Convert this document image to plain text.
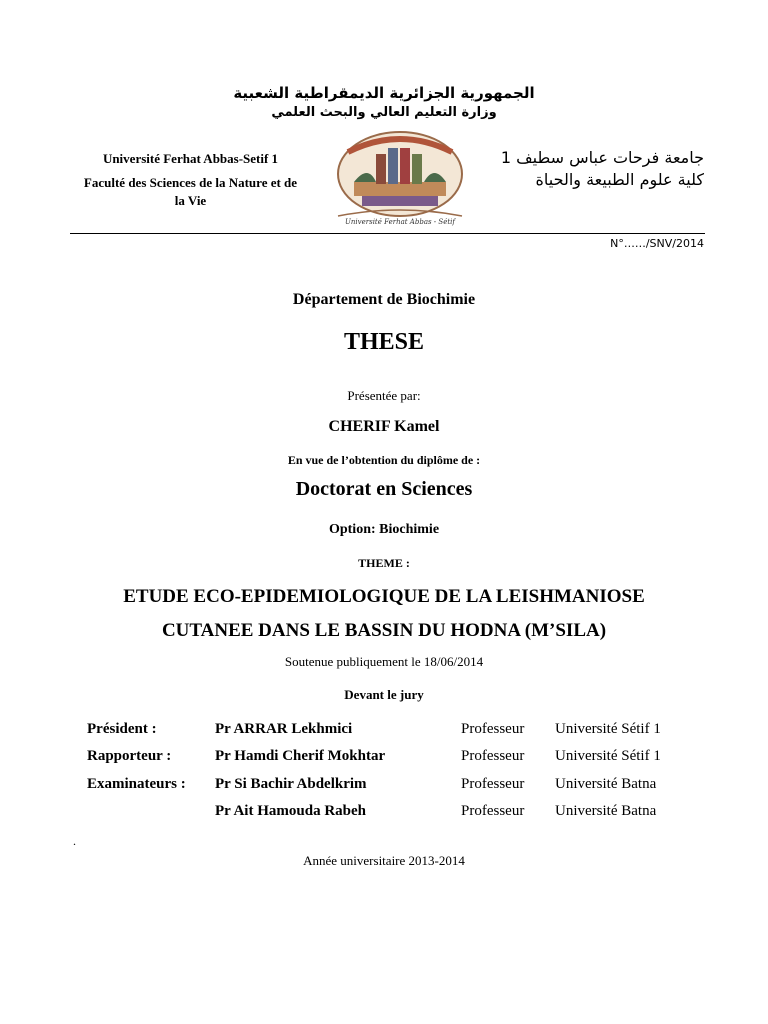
الجمهورية الجزائرية الديمقراطية الشعبية
وزارة التعليم العالي والبحث العلمي
Université Ferhat Abbas-Setif 1
Faculté des Sciences de la Nature et de la Vie
جامعة فرحات عباس سطيف 1
كلية علوم الطبيعة والحياة
Université Ferhat Abbas - Sétif
N°……/SNV/2014
Département de Biochimie
THESE
Présentée par:
CHERIF Kamel
En vue de l’obtention du diplôme de :
Doctorat en Sciences
Option: Biochimie
THEME :
ETUDE ECO-EPIDEMIOLOGIQUE DE LA LEISHMANIOSE
CUTANEE DANS LE BASSIN DU HODNA (M’SILA)
Soutenue publiquement le 18/06/2014
Devant le jury
Président :	Pr ARRAR Lekhmici	Professeur Université Sétif 1
Rapporteur :	Pr Hamdi Cherif Mokhtar	Professeur Université Sétif 1
Examinateurs : Pr Si Bachir Abdelkrim	Professeur Université Batna
Pr Ait Hamouda Rabeh	Professeur Université Batna
.
Année universitaire 2013-2014
